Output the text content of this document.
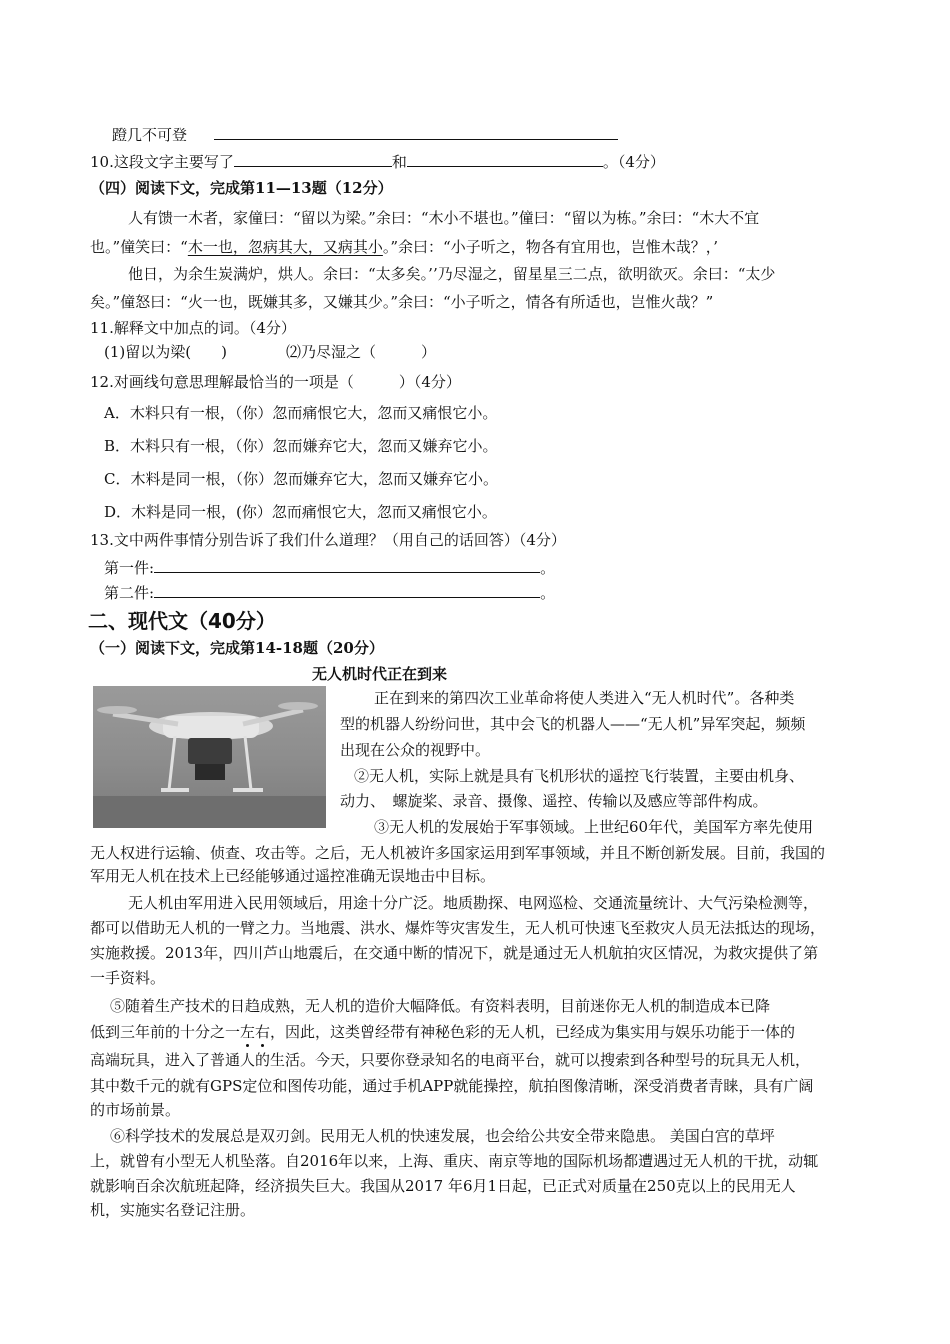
蹬几不可登
10.这段文字主要写了	和	。（4分）
（四）阅读下文，完成第11—13题（12分）
人有馈一木者，家僮曰：“留以为梁。”余曰：“木小不堪也。”僮曰：“留以为栋。”余曰：“木大不宜
也。”僮笑曰：“木一也，忽病其大，又病其小。”余曰：“小子听之，物各有宜用也，岂惟木哉？，’
他日，为余生炭满炉，烘人。余曰：“太多矣。’’乃尽湿之，留星星三二点，欲明欲灭。余曰：“太少
矣。”僮怒曰：“火一也，既嫌其多，又嫌其少。”余曰：“小子听之，情各有所适也，岂惟火哉？”
11.解释文中加点的词。（4分）
(1)留以为梁(　　)	⑵乃尽湿之（　　　）
12.对画线句意思理解最恰当的一项是（　　　）（4分）
A．木料只有一根，（你）忽而痛恨它大，忽而又痛恨它小。
B．木料只有一根，（你）忽而嫌弃它大，忽而又嫌弃它小。
C．木料是同一根，（你）忽而嫌弃它大，忽而又嫌弃它小。
D．木料是同一根，(你）忽而痛恨它大，忽而又痛恨它小。
13.文中两件事情分别告诉了我们什么道理？（用自己的话回答）（4分）
第一件:	。
第二件:	。
二、现代文（40分）
（一）阅读下文，完成第14-18题（20分）
无人机时代正在到来
正在到来的第四次工业革命将使人类进入“无人机时代”。各种类
型的机器人纷纷问世，其中会飞的机器人——“无人机”异军突起，频频
出现在公众的视野中。
②无人机，实际上就是具有飞机形状的遥控飞行装置，主要由机身、
动力、　螺旋桨、录音、摄像、遥控、传输以及感应等部件构成。
③无人机的发展始于军事领域。上世纪60年代，美国军方率先使用
无人权进行运输、侦查、攻击等。之后，无人机被许多国家运用到军事领域，并且不断创新发展。目前，我国的
军用无人机在技术上已经能够通过遥控准确无误地击中目标。
无人机由军用进入民用领域后，用途十分广泛。地质勘探、电网巡检、交通流量统计、大气污染检测等，
都可以借助无人机的一臂之力。当地震、洪水、爆炸等灾害发生，无人机可快速飞至救灾人员无法抵达的现场，
实施救援。2013年，四川芦山地震后，在交通中断的情况下，就是通过无人机航拍灾区情况，为救灾提供了第
一手资料。
⑤随着生产技术的日趋成熟，无人机的造价大幅降低。有资料表明，目前迷你无人机的制造成本已降
低到三年前的十分之一左右，因此，这类曾经带有神秘色彩的无人机，已经成为集实用与娱乐功能于一体的
高端玩具，进入了普通人的生活。今天，只要你登录知名的电商平台，就可以搜索到各种型号的玩具无人机，
其中数千元的就有GPS定位和图传功能，通过手机APP就能操控，航拍图像清晰，深受消费者青睐，具有广阔
的市场前景。
⑥科学技术的发展总是双刃剑。民用无人机的快速发展，也会给公共安全带来隐患。 美国白宫的草坪
上，就曾有小型无人机坠落。自2016年以来，上海、重庆、南京等地的国际机场都遭遇过无人机的干扰，动辄
就影响百余次航班起降，经济损失巨大。我国从2017 年6月1日起，已正式对质量在250克以上的民用无人
机，实施实名登记注册。
